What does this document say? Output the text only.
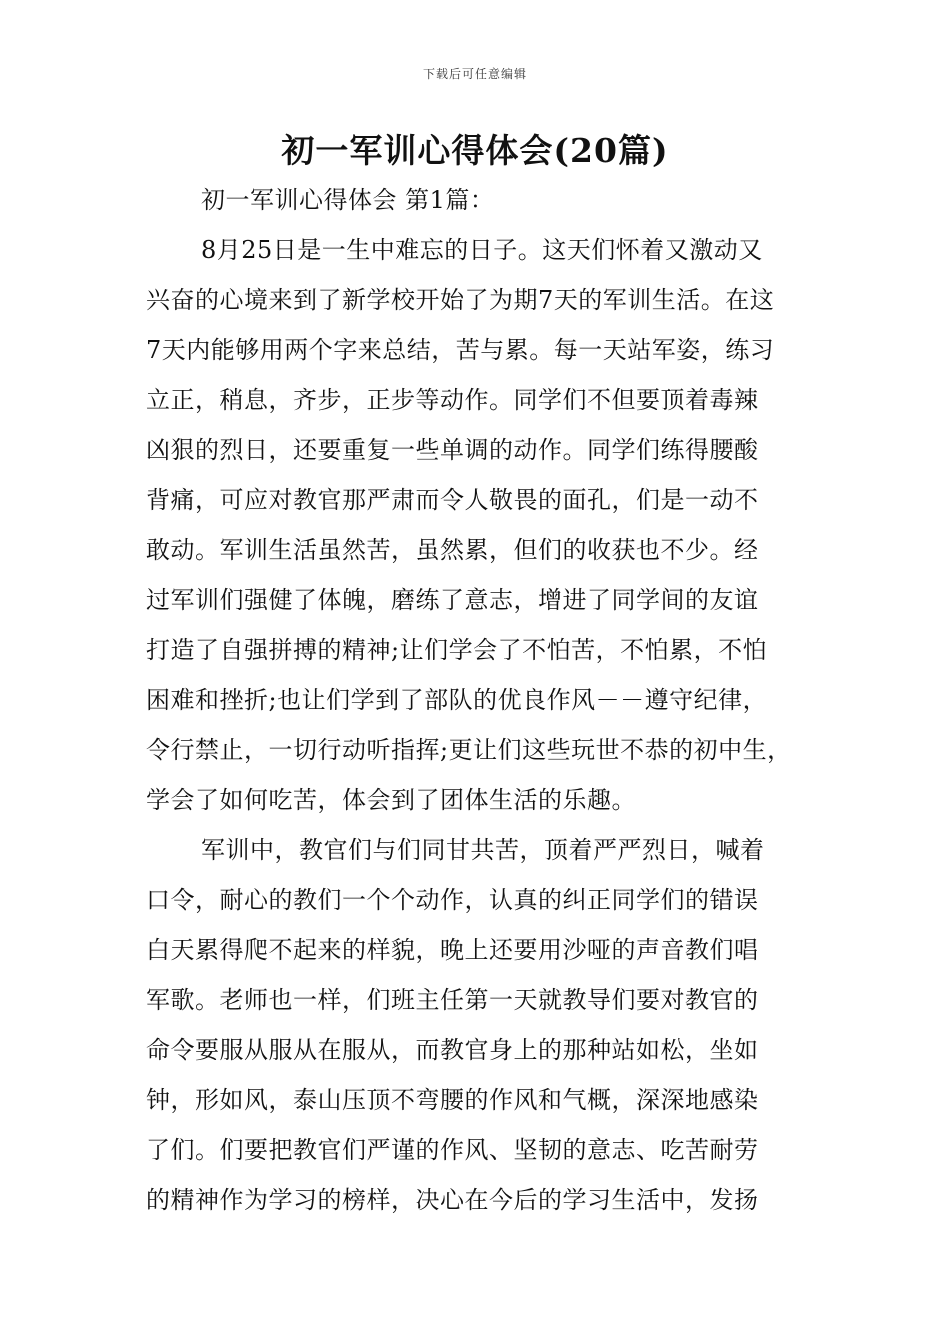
下载后可任意编辑
初一军训心得体会(20篇)
初一军训心得体会 第1篇：
8月25日是一生中难忘的日子。这天们怀着又激动又
兴奋的心境来到了新学校开始了为期7天的军训生活。在这
7天内能够用两个字来总结，苦与累。每一天站军姿，练习
立正，稍息，齐步，正步等动作。同学们不但要顶着毒辣
凶狠的烈日，还要重复一些单调的动作。同学们练得腰酸
背痛，可应对教官那严肃而令人敬畏的面孔，们是一动不
敢动。军训生活虽然苦，虽然累，但们的收获也不少。经
过军训们强健了体魄，磨练了意志，增进了同学间的友谊
打造了自强拼搏的精神;让们学会了不怕苦，不怕累，不怕
困难和挫折;也让们学到了部队的优良作风－－遵守纪律，
令行禁止，一切行动听指挥;更让们这些玩世不恭的初中生，
学会了如何吃苦，体会到了团体生活的乐趣。
军训中，教官们与们同甘共苦，顶着严严烈日，喊着
口令，耐心的教们一个个动作，认真的纠正同学们的错误
白天累得爬不起来的样貌，晚上还要用沙哑的声音教们唱
军歌。老师也一样，们班主任第一天就教导们要对教官的
命令要服从服从在服从，而教官身上的那种站如松，坐如
钟，形如风，泰山压顶不弯腰的作风和气概，深深地感染
了们。们要把教官们严谨的作风、坚韧的意志、吃苦耐劳
的精神作为学习的榜样，决心在今后的学习生活中，发扬
